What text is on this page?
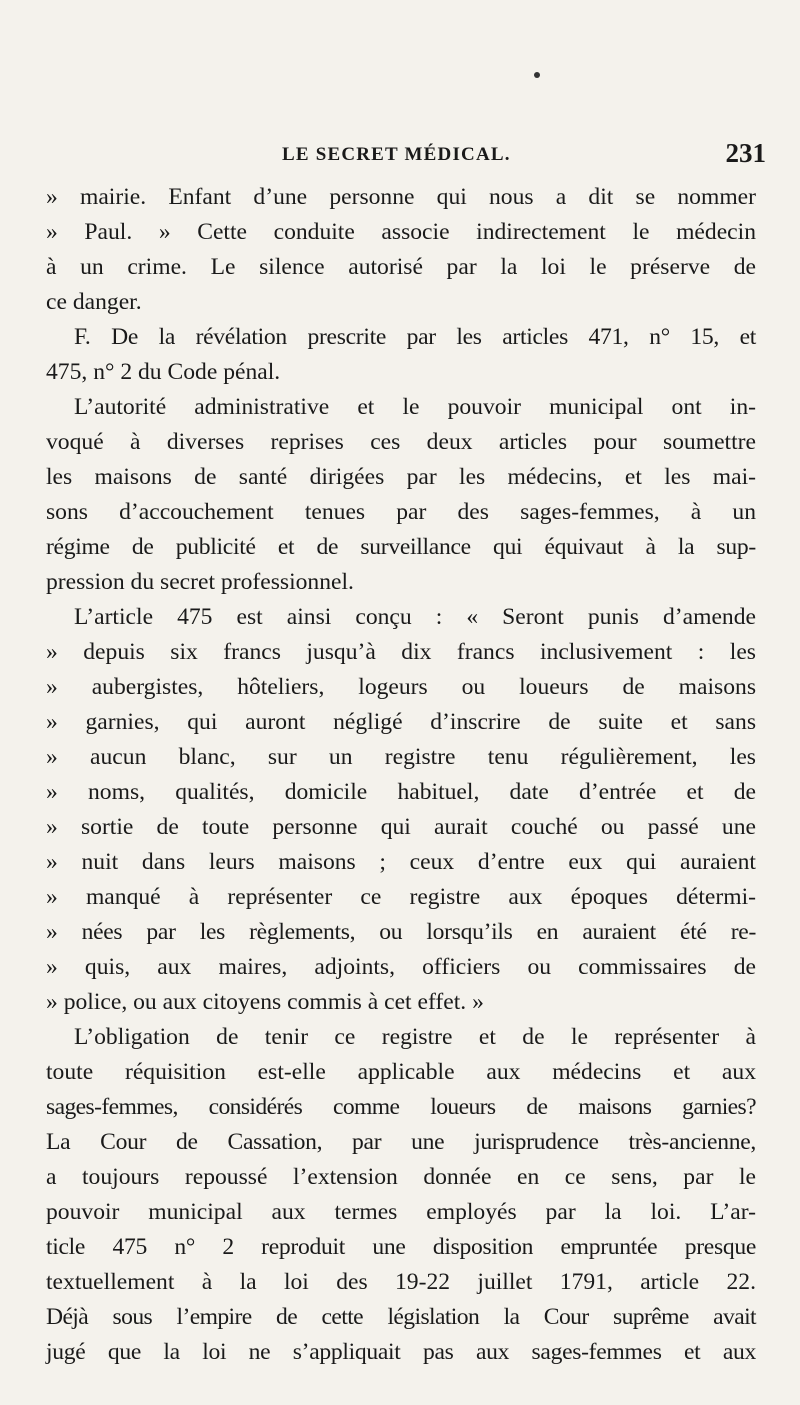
LE SECRET MÉDICAL.	231
» mairie. Enfant d’une personne qui nous a dit se nommer
» Paul. » Cette conduite associe indirectement le médecin
à un crime. Le silence autorisé par la loi le préserve de
ce danger.
F. De la révélation prescrite par les articles 471, n° 15, et
475, n° 2 du Code pénal.
L’autorité administrative et le pouvoir municipal ont in-
voqué à diverses reprises ces deux articles pour soumettre
les maisons de santé dirigées par les médecins, et les mai-
sons d’accouchement tenues par des sages-femmes, à un
régime de publicité et de surveillance qui équivaut à la sup-
pression du secret professionnel.
L’article 475 est ainsi conçu : « Seront punis d’amende
» depuis six francs jusqu’à dix francs inclusivement : les
» aubergistes, hôteliers, logeurs ou loueurs de maisons
» garnies, qui auront négligé d’inscrire de suite et sans
» aucun blanc, sur un registre tenu régulièrement, les
» noms, qualités, domicile habituel, date d’entrée et de
» sortie de toute personne qui aurait couché ou passé une
» nuit dans leurs maisons ; ceux d’entre eux qui auraient
» manqué à représenter ce registre aux époques détermi-
» nées par les règlements, ou lorsqu’ils en auraient été re-
» quis, aux maires, adjoints, officiers ou commissaires de
» police, ou aux citoyens commis à cet effet. »
L’obligation de tenir ce registre et de le représenter à
toute réquisition est-elle applicable aux médecins et aux
sages-femmes, considérés comme loueurs de maisons garnies?
La Cour de Cassation, par une jurisprudence très-ancienne,
a toujours repoussé l’extension donnée en ce sens, par le
pouvoir municipal aux termes employés par la loi. L’ar-
ticle 475 n° 2 reproduit une disposition empruntée presque
textuellement à la loi des 19-22 juillet 1791, article 22.
Déjà sous l’empire de cette législation la Cour suprême avait
jugé que la loi ne s’appliquait pas aux sages-femmes et aux
